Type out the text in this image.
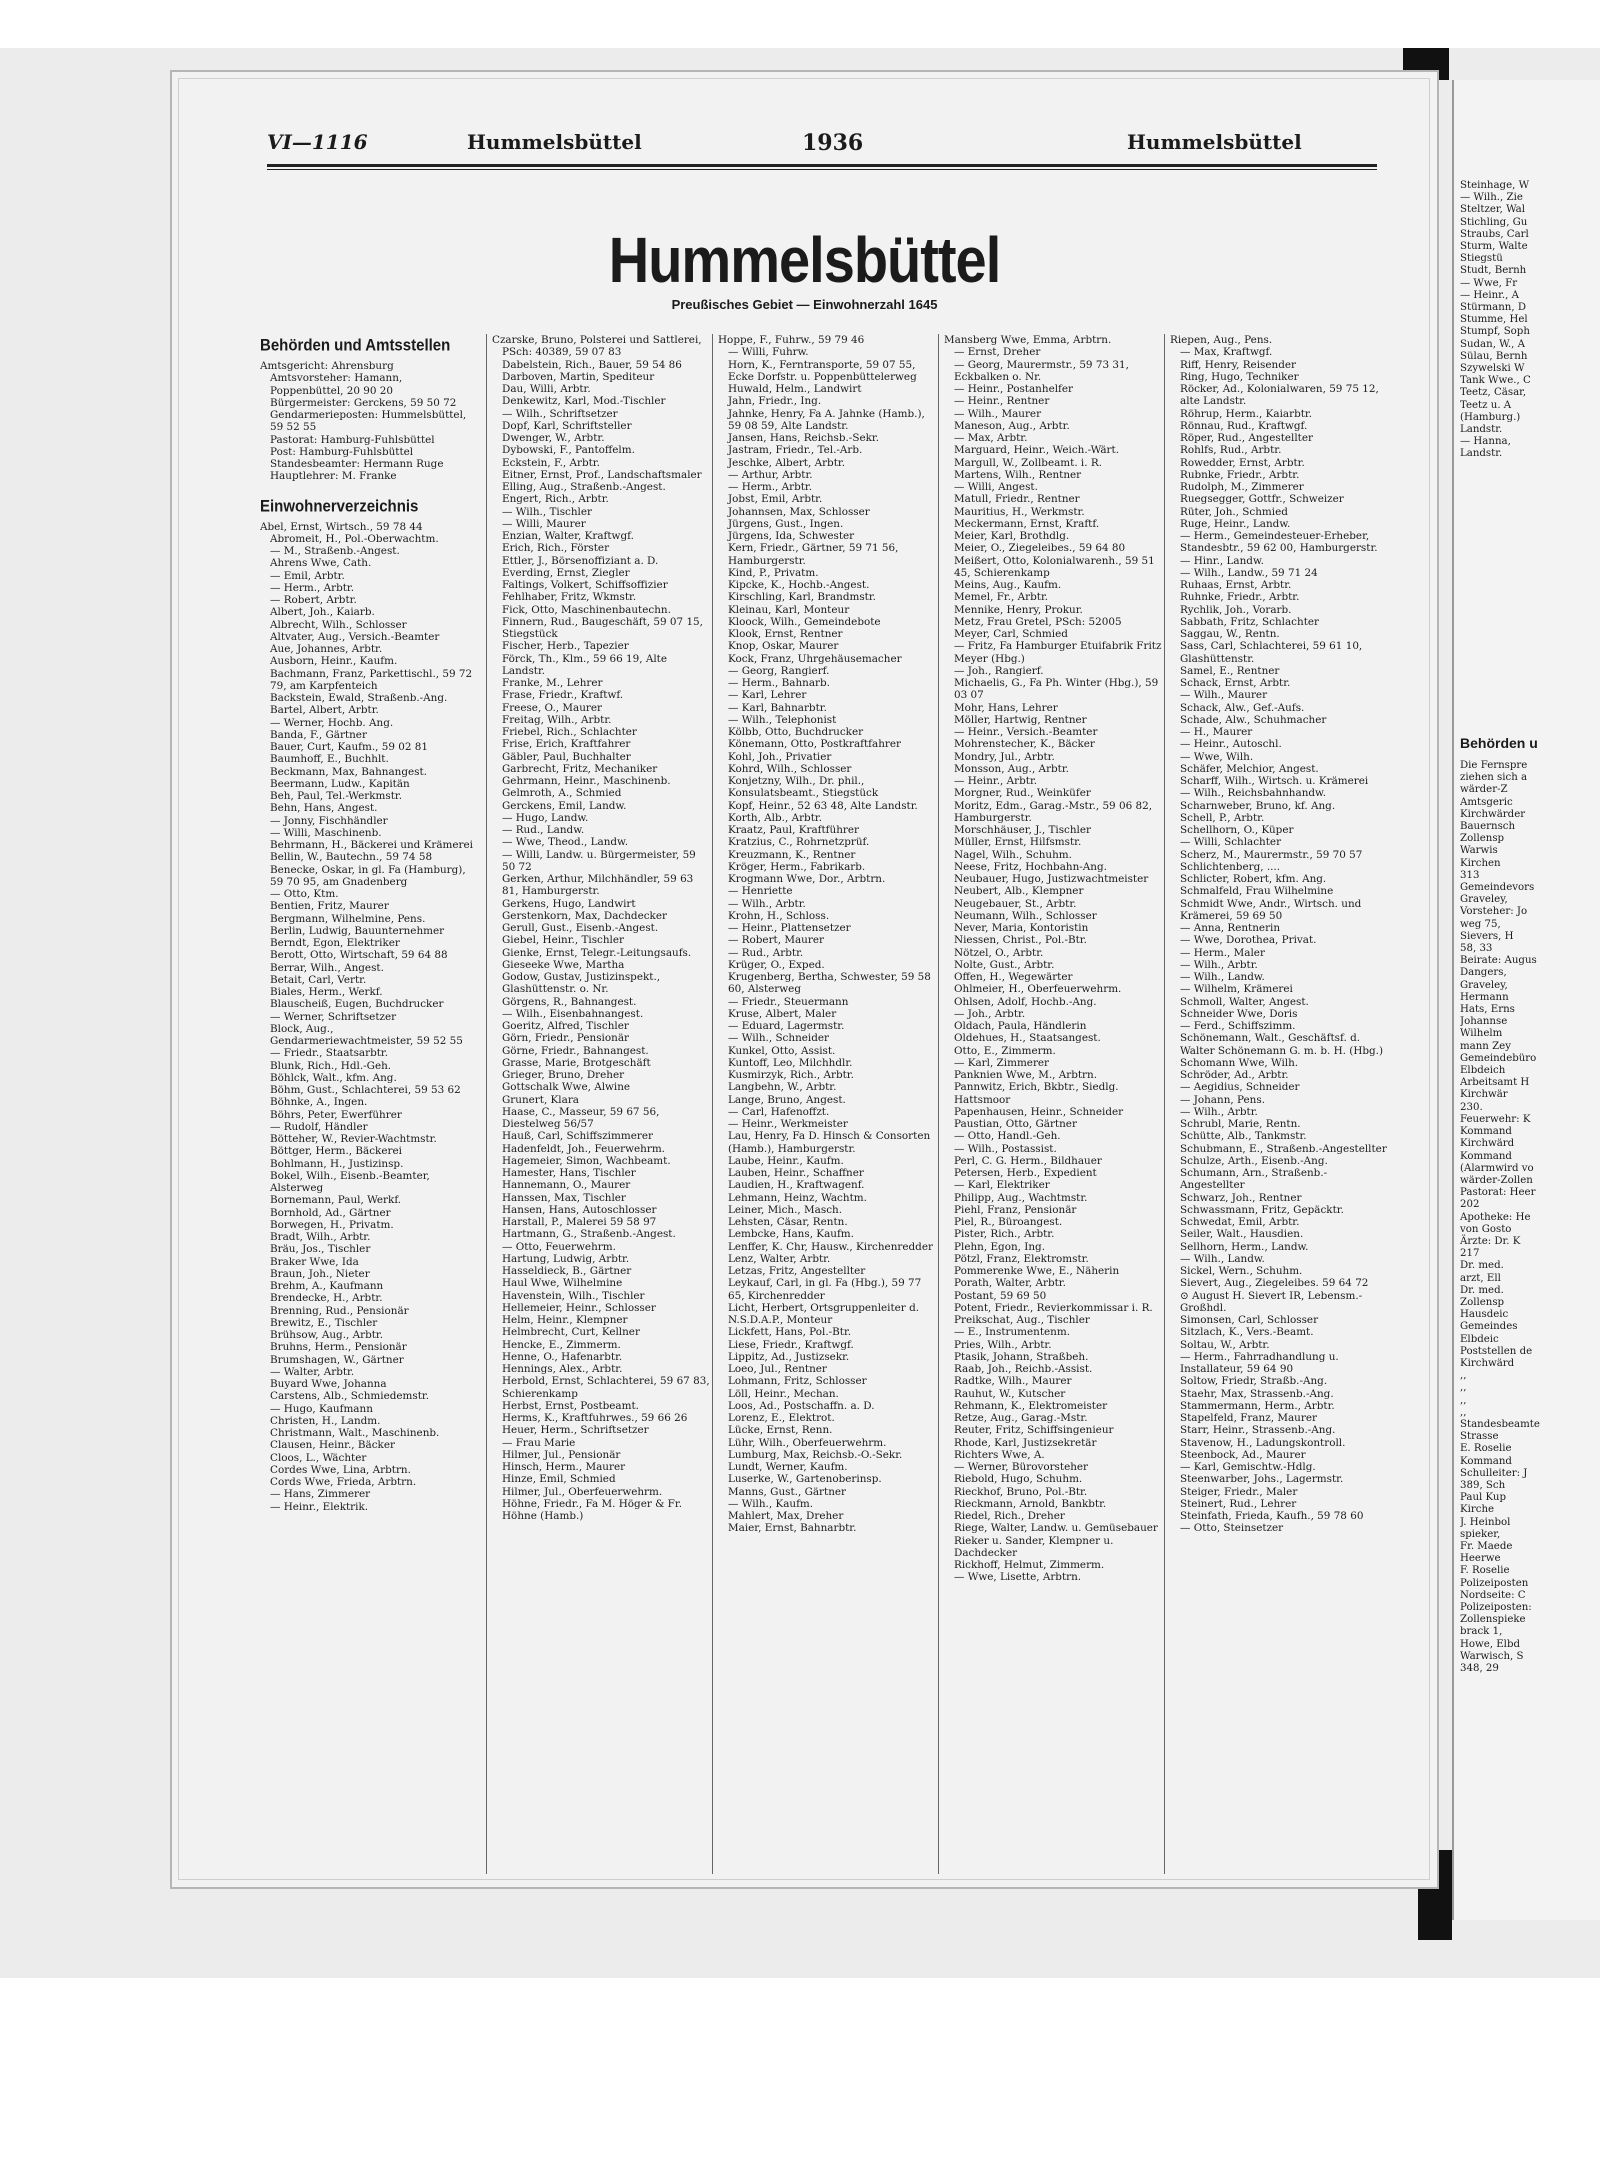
VI—1116	Hummelsbüttel	1936	Hummelsbüttel
Hummelsbüttel
Preußisches Gebiet — Einwohnerzahl 1645
Behörden und Amtsstellen
Amtsgericht: Ahrensburg
Amtsvorsteher: Hamann, Poppenbüttel, 20 90 20
Bürgermeister: Gerckens, 59 50 72
Gendarmerieposten: Hummelsbüttel, 59 52 55
Pastorat: Hamburg-Fuhlsbüttel
Post: Hamburg-Fuhlsbüttel
Standesbeamter: Hermann Ruge
Hauptlehrer: M. Franke
Einwohnerverzeichnis
Abel, Ernst, Wirtsch., 59 78 44
Abromeit, H., Pol.-Oberwachtm.
— M., Straßenb.-Angest.
Ahrens Wwe, Cath.
— Emil, Arbtr.
— Herm., Arbtr.
— Robert, Arbtr.
Albert, Joh., Kaiarb.
Albrecht, Wilh., Schlosser
Altvater, Aug., Versich.-Beamter
Aue, Johannes, Arbtr.
Ausborn, Heinr., Kaufm.
Bachmann, Franz, Parkettischl., 59 72 79, am Karpfenteich
Backstein, Ewald, Straßenb.-Ang.
Bartel, Albert, Arbtr.
— Werner, Hochb. Ang.
Banda, F., Gärtner
Bauer, Curt, Kaufm., 59 02 81
Baumhoff, E., Buchhlt.
Beckmann, Max, Bahnangest.
Beermann, Ludw., Kapitän
Beh, Paul, Tel.-Werkmstr.
Behn, Hans, Angest.
— Jonny, Fischhändler
— Willi, Maschinenb.
Behrmann, H., Bäckerei und Krämerei
Bellin, W., Bautechn., 59 74 58
Benecke, Oskar, in gl. Fa (Hamburg), 59 70 95, am Gnadenberg
— Otto, Ktm.
Bentien, Fritz, Maurer
Bergmann, Wilhelmine, Pens.
Berlin, Ludwig, Bauunternehmer
Berndt, Egon, Elektriker
Berott, Otto, Wirtschaft, 59 64 88
Berrar, Wilh., Angest.
Betait, Carl, Vertr.
Biales, Herm., Werkf.
Blauscheiß, Eugen, Buchdrucker
— Werner, Schriftsetzer
Block, Aug., Gendarmeriewachtmeister, 59 52 55
— Friedr., Staatsarbtr.
Blunk, Rich., Hdl.-Geh.
Böhlck, Walt., kfm. Ang.
Böhm, Gust., Schlachterei, 59 53 62
Böhnke, A., Ingen.
Böhrs, Peter, Ewerführer
— Rudolf, Händler
Bötteher, W., Revier-Wachtmstr.
Böttger, Herm., Bäckerei
Bohlmann, H., Justizinsp.
Bokel, Wilh., Eisenb.-Beamter, Alsterweg
Bornemann, Paul, Werkf.
Bornhold, Ad., Gärtner
Borwegen, H., Privatm.
Bradt, Wilh., Arbtr.
Bräu, Jos., Tischler
Braker Wwe, Ida
Braun, Joh., Nieter
Brehm, A., Kaufmann
Brendecke, H., Arbtr.
Brenning, Rud., Pensionär
Brewitz, E., Tischler
Brühsow, Aug., Arbtr.
Bruhns, Herm., Pensionär
Brumshagen, W., Gärtner
— Walter, Arbtr.
Buyard Wwe, Johanna
Carstens, Alb., Schmiedemstr.
— Hugo, Kaufmann
Christen, H., Landm.
Christmann, Walt., Maschinenb.
Clausen, Heinr., Bäcker
Cloos, L., Wächter
Cordes Wwe, Lina, Arbtrn.
Cords Wwe, Frieda, Arbtrn.
— Hans, Zimmerer
— Heinr., Elektrik.
Czarske, Bruno, Polsterei und Sattlerei, PSch: 40389, 59 07 83
Dabelstein, Rich., Bauer, 59 54 86
Darboven, Martin, Spediteur
Dau, Willi, Arbtr.
Denkewitz, Karl, Mod.-Tischler
— Wilh., Schriftsetzer
Dopf, Karl, Schriftsteller
Dwenger, W., Arbtr.
Dybowski, F., Pantoffelm.
Eckstein, F., Arbtr.
Eitner, Ernst, Prof., Landschaftsmaler
Elling, Aug., Straßenb.-Angest.
Engert, Rich., Arbtr.
— Wilh., Tischler
— Willi, Maurer
Enzian, Walter, Kraftwgf.
Erich, Rich., Förster
Ettler, J., Börsenoffiziant a. D.
Everding, Ernst, Ziegler
Faltings, Volkert, Schiffsoffizier
Fehlhaber, Fritz, Wkmstr.
Fick, Otto, Maschinenbautechn.
Finnern, Rud., Baugeschäft, 59 07 15, Stiegstück
Fischer, Herb., Tapezier
Förck, Th., Klm., 59 66 19, Alte Landstr.
Franke, M., Lehrer
Frase, Friedr., Kraftwf.
Freese, O., Maurer
Freitag, Wilh., Arbtr.
Friebel, Rich., Schlachter
Frise, Erich, Kraftfahrer
Gäbler, Paul, Buchhalter
Garbrecht, Fritz, Mechaniker
Gehrmann, Heinr., Maschinenb.
Gelmroth, A., Schmied
Gerckens, Emil, Landw.
— Hugo, Landw.
— Rud., Landw.
— Wwe, Theod., Landw.
— Willi, Landw. u. Bürgermeister, 59 50 72
Gerken, Arthur, Milchhändler, 59 63 81, Hamburgerstr.
Gerkens, Hugo, Landwirt
Gerstenkorn, Max, Dachdecker
Gerull, Gust., Eisenb.-Angest.
Giebel, Heinr., Tischler
Gienke, Ernst, Telegr.-Leitungsaufs.
Gieseeke Wwe, Martha
Godow, Gustav, Justizinspekt., Glashüttenstr. o. Nr.
Görgens, R., Bahnangest.
— Wilh., Eisenbahnangest.
Goeritz, Alfred, Tischler
Görn, Friedr., Pensionär
Görne, Friedr., Bahnangest.
Grasse, Marie, Brotgeschäft
Grieger, Bruno, Dreher
Gottschalk Wwe, Alwine
Grunert, Klara
Haase, C., Masseur, 59 67 56, Diestelweg 56/57
Hauß, Carl, Schiffszimmerer
Hadenfeldt, Joh., Feuerwehrm.
Hagemeier, Simon, Wachbeamt.
Hamester, Hans, Tischler
Hannemann, O., Maurer
Hanssen, Max, Tischler
Hansen, Hans, Autoschlosser
Harstall, P., Malerei 59 58 97
Hartmann, G., Straßenb.-Angest.
— Otto, Feuerwehrm.
Hartung, Ludwig, Arbtr.
Hasseldieck, B., Gärtner
Haul Wwe, Wilhelmine
Havenstein, Wilh., Tischler
Hellemeier, Heinr., Schlosser
Helm, Heinr., Klempner
Helmbrecht, Curt, Kellner
Hencke, E., Zimmerm.
Henne, O., Hafenarbtr.
Hennings, Alex., Arbtr.
Herbold, Ernst, Schlachterei, 59 67 83, Schierenkamp
Herbst, Ernst, Postbeamt.
Herms, K., Kraftfuhrwes., 59 66 26
Heuer, Herm., Schriftsetzer
— Frau Marie
Hilmer, Jul., Pensionär
Hinsch, Herm., Maurer
Hinze, Emil, Schmied
Hilmer, Jul., Oberfeuerwehrm.
Höhne, Friedr., Fa M. Höger & Fr. Höhne (Hamb.)
Hoppe, F., Fuhrw., 59 79 46
— Willi, Fuhrw.
Horn, K., Ferntransporte, 59 07 55, Ecke Dorfstr. u. Poppenbüttelerweg
Huwald, Helm., Landwirt
Jahn, Friedr., Ing.
Jahnke, Henry, Fa A. Jahnke (Hamb.), 59 08 59, Alte Landstr.
Jansen, Hans, Reichsb.-Sekr.
Jastram, Friedr., Tel.-Arb.
Jeschke, Albert, Arbtr.
— Arthur, Arbtr.
— Herm., Arbtr.
Jobst, Emil, Arbtr.
Johannsen, Max, Schlosser
Jürgens, Gust., Ingen.
Jürgens, Ida, Schwester
Kern, Friedr., Gärtner, 59 71 56, Hamburgerstr.
Kind, P., Privatm.
Kipcke, K., Hochb.-Angest.
Kirschling, Karl, Brandmstr.
Kleinau, Karl, Monteur
Kloock, Wilh., Gemeindebote
Klook, Ernst, Rentner
Knop, Oskar, Maurer
Kock, Franz, Uhrgehäusemacher
— Georg, Rangierf.
— Herm., Bahnarb.
— Karl, Lehrer
— Karl, Bahnarbtr.
— Wilh., Telephonist
Kölbb, Otto, Buchdrucker
Könemann, Otto, Postkraftfahrer
Kohl, Joh., Privatier
Kohrd, Wilh., Schlosser
Konjetzny, Wilh., Dr. phil., Konsulatsbeamt., Stiegstück
Kopf, Heinr., 52 63 48, Alte Landstr.
Korth, Alb., Arbtr.
Kraatz, Paul, Kraftführer
Kratzius, C., Rohrnetzprüf.
Kreuzmann, K., Rentner
Kröger, Herm., Fabrikarb.
Krogmann Wwe, Dor., Arbtrn.
— Henriette
— Wilh., Arbtr.
Krohn, H., Schloss.
— Heinr., Plattensetzer
— Robert, Maurer
— Rud., Arbtr.
Krüger, O., Exped.
Krugenberg, Bertha, Schwester, 59 58 60, Alsterweg
— Friedr., Steuermann
Kruse, Albert, Maler
— Eduard, Lagermstr.
— Wilh., Schneider
Kunkel, Otto, Assist.
Kuntoff, Leo, Milchhdlr.
Kusmirzyk, Rich., Arbtr.
Langbehn, W., Arbtr.
Lange, Bruno, Angest.
— Carl, Hafenoffzt.
— Heinr., Werkmeister
Lau, Henry, Fa D. Hinsch & Consorten (Hamb.), Hamburgerstr.
Laube, Heinr., Kaufm.
Lauben, Heinr., Schaffner
Laudien, H., Kraftwagenf.
Lehmann, Heinz, Wachtm.
Leiner, Mich., Masch.
Lehsten, Cäsar, Rentn.
Lembcke, Hans, Kaufm.
Lenffer, K. Chr, Hausw., Kirchenredder
Lenz, Walter, Arbtr.
Letzas, Fritz, Angestellter
Leykauf, Carl, in gl. Fa (Hbg.), 59 77 65, Kirchenredder
Licht, Herbert, Ortsgruppenleiter d. N.S.D.A.P., Monteur
Lickfett, Hans, Pol.-Btr.
Liese, Friedr., Kraftwgf.
Lippitz, Ad., Justizsekr.
Loeo, Jul., Rentner
Lohmann, Fritz, Schlosser
Löll, Heinr., Mechan.
Loos, Ad., Postschaffn. a. D.
Lorenz, E., Elektrot.
Lücke, Ernst, Renn.
Lühr, Wilh., Oberfeuerwehrm.
Lumburg, Max, Reichsb.-O.-Sekr.
Lundt, Werner, Kaufm.
Luserke, W., Gartenoberinsp.
Manns, Gust., Gärtner
— Wilh., Kaufm.
Mahlert, Max, Dreher
Maier, Ernst, Bahnarbtr.
Mansberg Wwe, Emma, Arbtrn.
— Ernst, Dreher
— Georg, Maurermstr., 59 73 31, Eckbalken o. Nr.
— Heinr., Postanhelfer
— Heinr., Rentner
— Wilh., Maurer
Maneson, Aug., Arbtr.
— Max, Arbtr.
Marguard, Heinr., Weich.-Wärt.
Margull, W., Zollbeamt. i. R.
Martens, Wilh., Rentner
— Willi, Angest.
Matull, Friedr., Rentner
Mauritius, H., Werkmstr.
Meckermann, Ernst, Kraftf.
Meier, Karl, Brothdlg.
Meier, O., Ziegeleibes., 59 64 80
Meißert, Otto, Kolonialwarenh., 59 51 45, Schierenkamp
Meins, Aug., Kaufm.
Memel, Fr., Arbtr.
Mennike, Henry, Prokur.
Metz, Frau Gretel, PSch: 52005
Meyer, Carl, Schmied
— Fritz, Fa Hamburger Etuifabrik Fritz Meyer (Hbg.)
— Joh., Rangierf.
Michaelis, G., Fa Ph. Winter (Hbg.), 59 03 07
Mohr, Hans, Lehrer
Möller, Hartwig, Rentner
— Heinr., Versich.-Beamter
Mohrenstecher, K., Bäcker
Mondry, Jul., Arbtr.
Monsson, Aug., Arbtr.
— Heinr., Arbtr.
Morgner, Rud., Weinküfer
Moritz, Edm., Garag.-Mstr., 59 06 82, Hamburgerstr.
Morschhäuser, J., Tischler
Müller, Ernst, Hilfsmstr.
Nagel, Wilh., Schuhm.
Neese, Fritz, Hochbahn-Ang.
Neubauer, Hugo, Justizwachtmeister
Neubert, Alb., Klempner
Neugebauer, St., Arbtr.
Neumann, Wilh., Schlosser
Never, Maria, Kontoristin
Niessen, Christ., Pol.-Btr.
Nötzel, O., Arbtr.
Nolte, Gust., Arbtr.
Offen, H., Wegewärter
Ohlmeier, H., Oberfeuerwehrm.
Ohlsen, Adolf, Hochb.-Ang.
— Joh., Arbtr.
Oldach, Paula, Händlerin
Oldehues, H., Staatsangest.
Otto, E., Zimmerm.
— Karl, Zimmerer
Panknien Wwe, M., Arbtrn.
Pannwitz, Erich, Bkbtr., Siedlg. Hattsmoor
Papenhausen, Heinr., Schneider
Paustian, Otto, Gärtner
— Otto, Handl.-Geh.
— Wilh., Postassist.
Perl, C. G. Herm., Bildhauer
Petersen, Herb., Expedient
— Karl, Elektriker
Philipp, Aug., Wachtmstr.
Piehl, Franz, Pensionär
Piel, R., Büroangest.
Pister, Rich., Arbtr.
Plehn, Egon, Ing.
Pötzl, Franz, Elektromstr.
Pommerenke Wwe, E., Näherin
Porath, Walter, Arbtr.
Postant, 59 69 50
Potent, Friedr., Revierkommissar i. R.
Preikschat, Aug., Tischler
— E., Instrumentenm.
Pries, Wilh., Arbtr.
Ptasik, Johann, Straßbeh.
Raab, Joh., Reichb.-Assist.
Radtke, Wilh., Maurer
Rauhut, W., Kutscher
Rehmann, K., Elektromeister
Retze, Aug., Garag.-Mstr.
Reuter, Fritz, Schiffsingenieur
Rhode, Karl, Justizsekretär
Richters Wwe, A.
— Werner, Bürovorsteher
Riebold, Hugo, Schuhm.
Rieckhof, Bruno, Pol.-Btr.
Rieckmann, Arnold, Bankbtr.
Riedel, Rich., Dreher
Riege, Walter, Landw. u. Gemüsebauer
Rieker u. Sander, Klempner u. Dachdecker
Rickhoff, Helmut, Zimmerm.
— Wwe, Lisette, Arbtrn.
Riepen, Aug., Pens.
— Max, Kraftwgf.
Riff, Henry, Reisender
Ring, Hugo, Techniker
Röcker, Ad., Kolonialwaren, 59 75 12, alte Landstr.
Röhrup, Herm., Kaiarbtr.
Rönnau, Rud., Kraftwgf.
Röper, Rud., Angestellter
Rohlfs, Rud., Arbtr.
Rowedder, Ernst, Arbtr.
Rubnke, Friedr., Arbtr.
Rudolph, M., Zimmerer
Ruegsegger, Gottfr., Schweizer
Rüter, Joh., Schmied
Ruge, Heinr., Landw.
— Herm., Gemeindesteuer-Erheber, Standesbtr., 59 62 00, Hamburgerstr.
— Hinr., Landw.
— Wilh., Landw., 59 71 24
Ruhaas, Ernst, Arbtr.
Ruhnke, Friedr., Arbtr.
Rychlik, Joh., Vorarb.
Sabbath, Fritz, Schlachter
Saggau, W., Rentn.
Sass, Carl, Schlachterei, 59 61 10, Glashüttenstr.
Samel, E., Rentner
Schack, Ernst, Arbtr.
— Wilh., Maurer
Schack, Alw., Gef.-Aufs.
Schade, Alw., Schuhmacher
— H., Maurer
— Heinr., Autoschl.
— Wwe, Wilh.
Schäfer, Melchior, Angest.
Scharff, Wilh., Wirtsch. u. Krämerei
— Wilh., Reichsbahnhandw.
Scharnweber, Bruno, kf. Ang.
Schell, P., Arbtr.
Schellhorn, O., Küper
— Willi, Schlachter
Scherz, M., Maurermstr., 59 70 57
Schlichtenberg, ....
Schlicter, Robert, kfm. Ang.
Schmalfeld, Frau Wilhelmine
Schmidt Wwe, Andr., Wirtsch. und Krämerei, 59 69 50
— Anna, Rentnerin
— Wwe, Dorothea, Privat.
— Herm., Maler
— Wilh., Arbtr.
— Wilh., Landw.
— Wilhelm, Krämerei
Schmoll, Walter, Angest.
Schneider Wwe, Doris
— Ferd., Schiffszimm.
Schönemann, Walt., Geschäftsf. d. Walter Schönemann G. m. b. H. (Hbg.)
Schomann Wwe, Wilh.
Schröder, Ad., Arbtr.
— Aegidius, Schneider
— Johann, Pens.
— Wilh., Arbtr.
Schrubl, Marie, Rentn.
Schütte, Alb., Tankmstr.
Schubmann, E., Straßenb.-Angestellter
Schulze, Arth., Eisenb.-Ang.
Schumann, Arn., Straßenb.-Angestellter
Schwarz, Joh., Rentner
Schwassmann, Fritz, Gepäcktr.
Schwedat, Emil, Arbtr.
Seiler, Walt., Hausdien.
Sellhorn, Herm., Landw.
— Wilh., Landw.
Sickel, Wern., Schuhm.
Sievert, Aug., Ziegeleibes. 59 64 72
⊙ August H. Sievert IR, Lebensm.-Großhdl.
Simonsen, Carl, Schlosser
Sitzlach, K., Vers.-Beamt.
Soltau, W., Arbtr.
— Herm., Fahrradhandlung u. Installateur, 59 64 90
Soltow, Friedr, Straßb.-Ang.
Staehr, Max, Strassenb.-Ang.
Stammermann, Herm., Arbtr.
Stapelfeld, Franz, Maurer
Starr, Heinr., Strassenb.-Ang.
Stavenow, H., Ladungskontroll.
Steenbock, Ad., Maurer
— Karl, Gemischtw.-Hdlg.
Steenwarber, Johs., Lagermstr.
Steiger, Friedr., Maler
Steinert, Rud., Lehrer
Steinfath, Frieda, Kaufh., 59 78 60
— Otto, Steinsetzer
Steinhage, W
— Wilh., Zie
Steltzer, Wal
Stichling, Gu
Straubs, Carl
Sturm, Walte
Stiegstü
Studt, Bernh
— Wwe, Fr
— Heinr., A
Stürmann, D
Stumme, Hel
Stumpf, Soph
Sudan, W., A
Sülau, Bernh
Szywelski W
Tank Wwe., C
Teetz, Cäsar,
Teetz u. A
(Hamburg.)
Landstr.
— Hanna,
Landstr.
Behörden u
Die Fernspre
ziehen sich a
wärder-Z
Amtsgeric
Kirchwärder
Bauernsch
Zollensp
Warwis
Kirchen
313
Gemeindevors
Graveley,
Vorsteher: Jo
weg 75,
Sievers, H
58, 33
Beirate: Augus
Dangers,
Graveley,
Hermann
Hats, Erns
Johannse
Wilhelm
mann Zey
Gemeindebüro
Elbdeich
Arbeitsamt H
Kirchwär
230.
Feuerwehr: K
Kommand
Kirchwärd
Kommand
(Alarmwird vo
wärder-Zollen
Pastorat: Heer
202
Apotheke: He
von Gosto
Ärzte: Dr. K
217
Dr. med.
arzt, Ell
Dr. med.
Zollensp
Hausdeic
Gemeindes
Elbdeic
Poststellen de
Kirchwärd
,,
,,
,,
,,
Standesbeamte
Strasse
E. Roselie
Kommand
Schulleiter: J
389, Sch
Paul Kup
Kirche
J. Heinbol
spieker,
Fr. Maede
Heerwe
F. Roselie
Polizeiposten
Nordseite: C
Polizeiposten:
Zollenspieke
brack 1,
Howe, Elbd
Warwisch, S
348, 29
